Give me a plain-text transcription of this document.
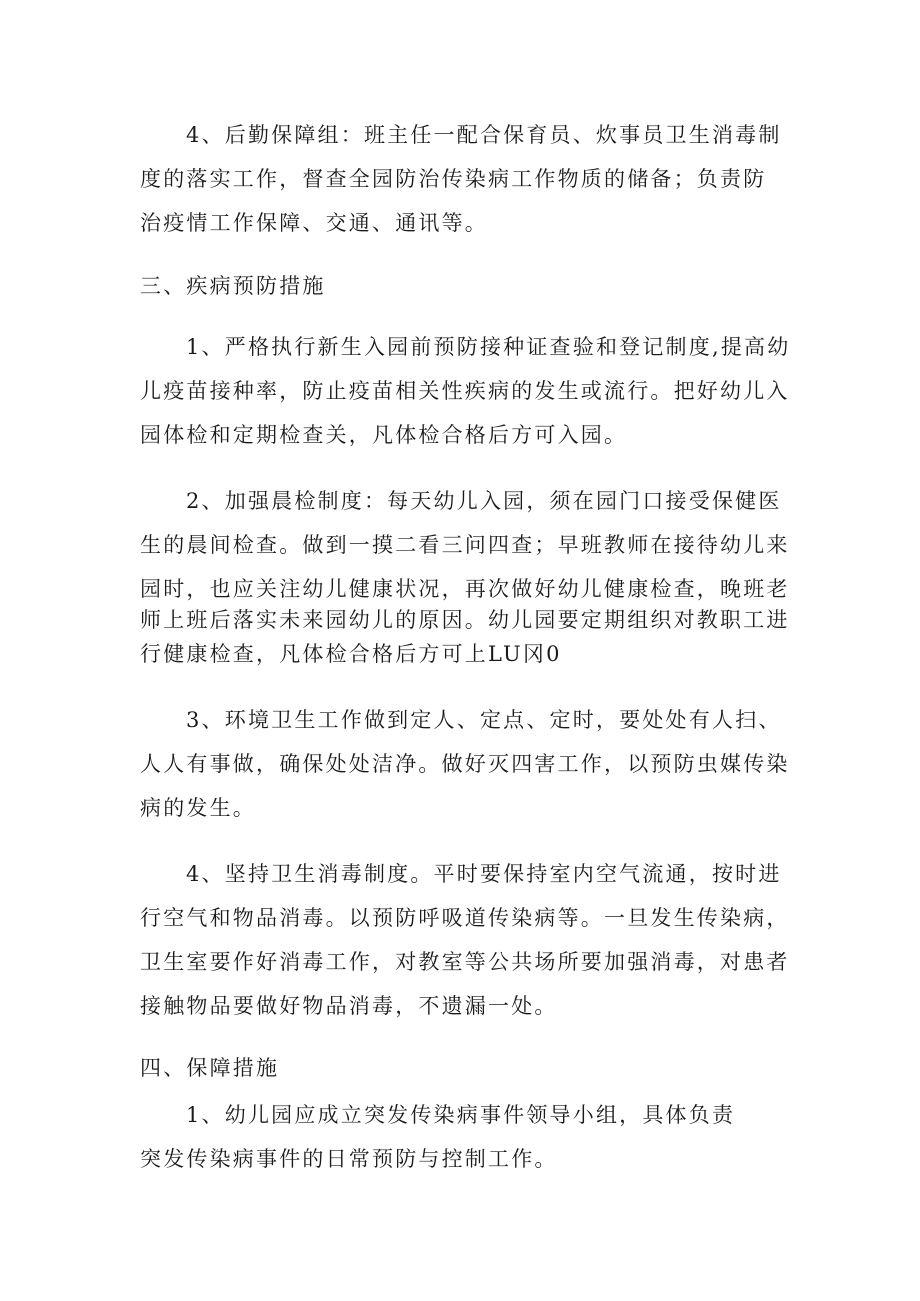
4、后勤保障组：班主任一配合保育员、炊事员卫生消毒制
度的落实工作，督查全园防治传染病工作物质的储备；负责防
治疫情工作保障、交通、通讯等。
三、疾病预防措施
1、严格执行新生入园前预防接种证查验和登记制度,提高幼
儿疫苗接种率，防止疫苗相关性疾病的发生或流行。把好幼儿入
园体检和定期检查关，凡体检合格后方可入园。
2、加强晨检制度：每天幼儿入园，须在园门口接受保健医
生的晨间检查。做到一摸二看三问四查；早班教师在接待幼儿来
园时，也应关注幼儿健康状况，再次做好幼儿健康检查，晚班老
师上班后落实未来园幼儿的原因。幼儿园要定期组织对教职工进
行健康检查，凡体检合格后方可上LU冈0
3、环境卫生工作做到定人、定点、定时，要处处有人扫、
人人有事做，确保处处洁净。做好灭四害工作，以预防虫媒传染
病的发生。
4、坚持卫生消毒制度。平时要保持室内空气流通，按时进
行空气和物品消毒。以预防呼吸道传染病等。一旦发生传染病，
卫生室要作好消毒工作，对教室等公共场所要加强消毒，对患者
接触物品要做好物品消毒，不遗漏一处。
四、保障措施
1、幼儿园应成立突发传染病事件领导小组，具体负责
突发传染病事件的日常预防与控制工作。
